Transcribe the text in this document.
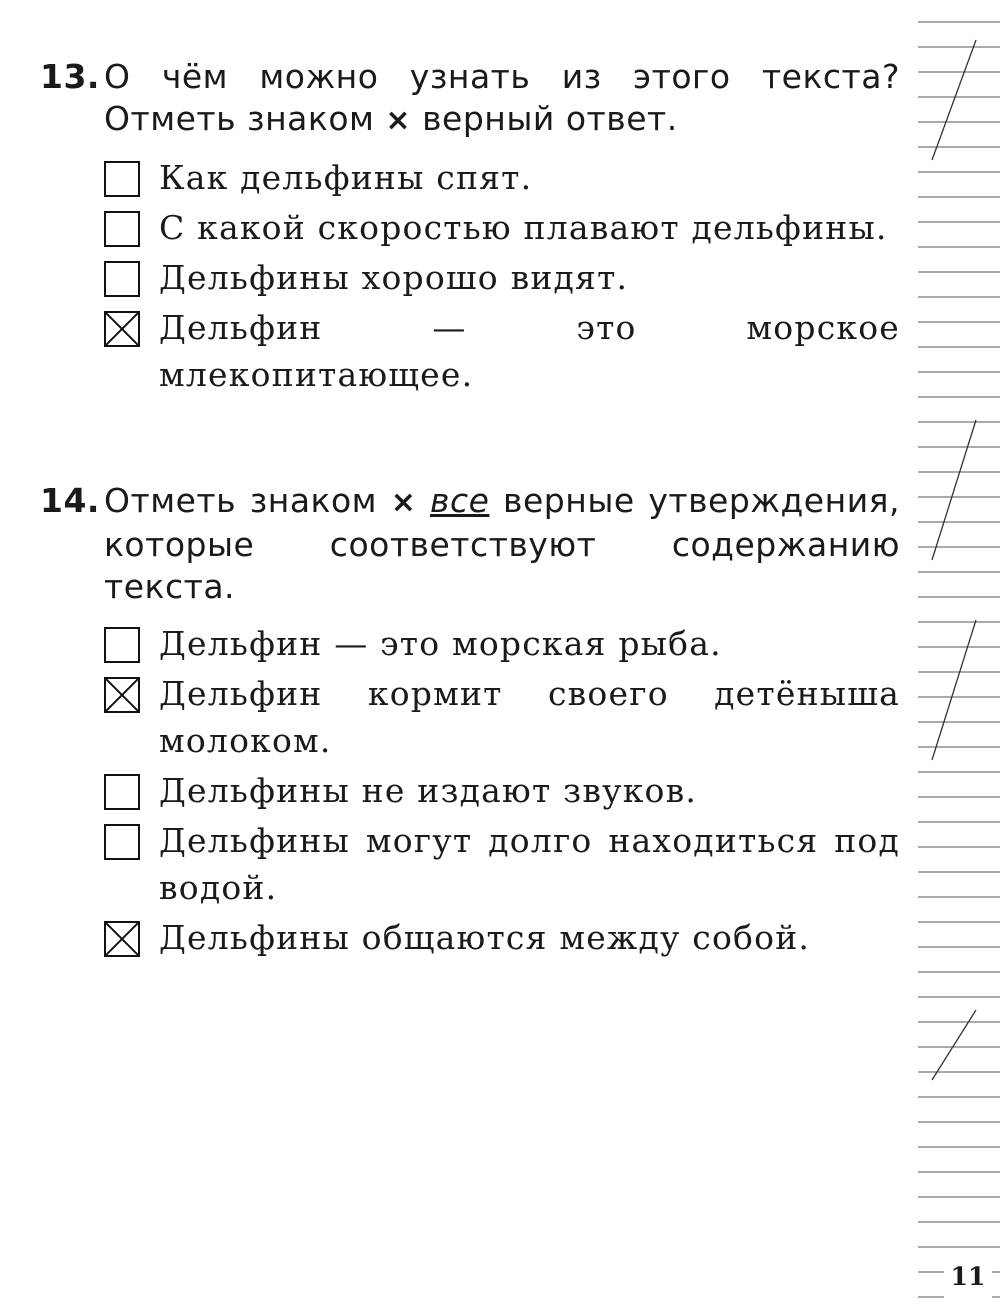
13. О чём можно узнать из этого текста? Отметь знаком × верный ответ.
Как дельфины спят.
С какой скоростью плавают дельфины.
Дельфины хорошо видят.
Дельфин — это морское млекопитающее.
14. Отметь знаком × все верные утверждения, которые соответствуют содержанию текста.
Дельфин — это морская рыба.
Дельфин кормит своего детёныша молоком.
Дельфины не издают звуков.
Дельфины могут долго находиться под водой.
Дельфины общаются между собой.
11
